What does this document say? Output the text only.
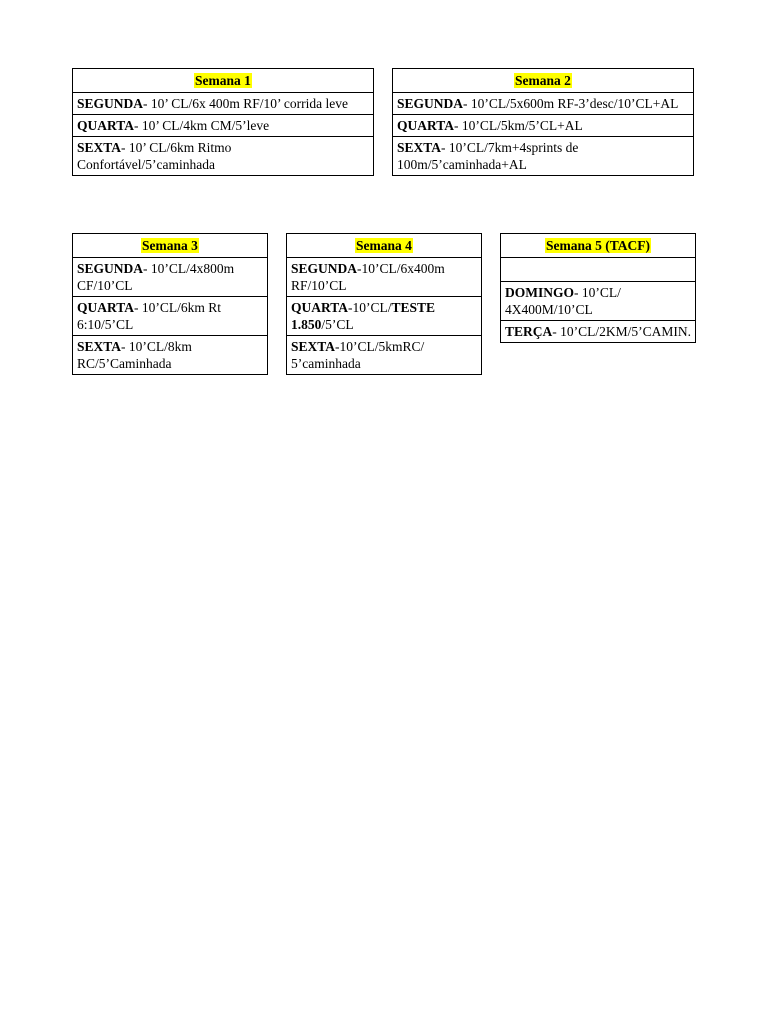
Semana 1
SEGUNDA- 10’ CL/6x 400m RF/10’ corrida leve
QUARTA- 10’ CL/4km CM/5’leve
SEXTA- 10’ CL/6km Ritmo Confortável/5’caminhada
Semana 2
SEGUNDA- 10’CL/5x600m RF-3’desc/10’CL+AL
QUARTA- 10’CL/5km/5’CL+AL
SEXTA- 10’CL/7km+4sprints de 100m/5’caminhada+AL
Semana 3
SEGUNDA- 10’CL/4x800m CF/10’CL
QUARTA- 10’CL/6km Rt 6:10/5’CL
SEXTA- 10’CL/8km RC/5’Caminhada
Semana 4
SEGUNDA-10’CL/6x400m RF/10’CL
QUARTA-10’CL/TESTE 1.850/5’CL
SEXTA-10’CL/5kmRC/ 5’caminhada
Semana 5 (TACF)

DOMINGO- 10’CL/ 4X400M/10’CL
TERÇA- 10’CL/2KM/5’CAMIN.
